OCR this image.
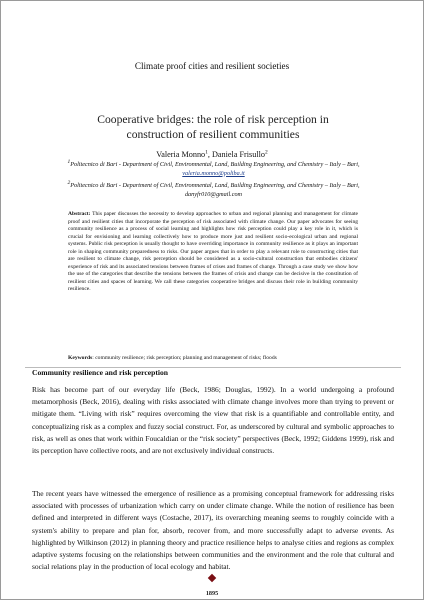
Climate proof cities and resilient societies
Cooperative bridges: the role of risk perception in
construction of resilient communities
Valeria Monno$^1$, Daniela Frisullo$^2$
$^1$Politecnico di Bari - Department of Civil, Environmental, Land, Building Engineering, and Chemistry – Italy – Bari, valeria.monno@poliba.it
$^2$Politecnico di Bari - Department of Civil, Environmental, Land, Building Engineering, and Chemistry – Italy – Bari, danyfr010@gmail.com
Abstract: This paper discusses the necessity to develop approaches to urban and regional planning and management for climate proof and resilient cities that incorporate the perception of risk associated with climate change. Our paper advocates for seeing community resilience as a process of social learning and highlights how risk perception could play a key role in it, which is crucial for envisioning and learning collectively how to produce more just and resilient socio-ecological urban and regional systems. Public risk perception is usually thought to have overriding importance in community resilience as it plays an important role in shaping community preparedness to risks. Our paper argues that in order to play a relevant role to constructing cities that are resilient to climate change, risk perception should be considered as a socio-cultural construction that embodies citizens' experience of risk and its associated tensions between frames of crises and frames of change. Through a case study we show how the use of the categories that describe the tensions between the frames of crisis and change can be decisive in the constitution of resilient cities and spaces of learning. We call these categories cooperative bridges and discuss their role in building community resilience.
Keywords: community resilience; risk perception; planning and management of risks; floods
Community resilience and risk perception
Risk has become part of our everyday life (Beck, 1986; Douglas, 1992). In a world undergoing a profound metamorphosis (Beck, 2016), dealing with risks associated with climate change involves more than trying to prevent or mitigate them. “Living with risk” requires overcoming the view that risk is a quantifiable and controllable entity, and conceptualizing risk as a complex and fuzzy social construct. For, as underscored by cultural and symbolic approaches to risk, as well as ones that work within Foucaldian or the “risk society” perspectives (Beck, 1992; Giddens 1999), risk and its perception have collective roots, and are not exclusively individual constructs.
The recent years have witnessed the emergence of resilience as a promising conceptual framework for addressing risks associated with processes of urbanization which carry on under climate change. While the notion of resilience has been defined and interpreted in different ways (Costache, 2017), its overarching meaning seems to roughly coincide with a system's ability to prepare and plan for, absorb, recover from, and more successfully adapt to adverse events. As highlighted by Wilkinson (2012) in planning theory and practice resilience helps to analyse cities and regions as complex adaptive systems focusing on the relationships between communities and the environment and the role that cultural and social relations play in the production of local ecology and habitat.
1895
